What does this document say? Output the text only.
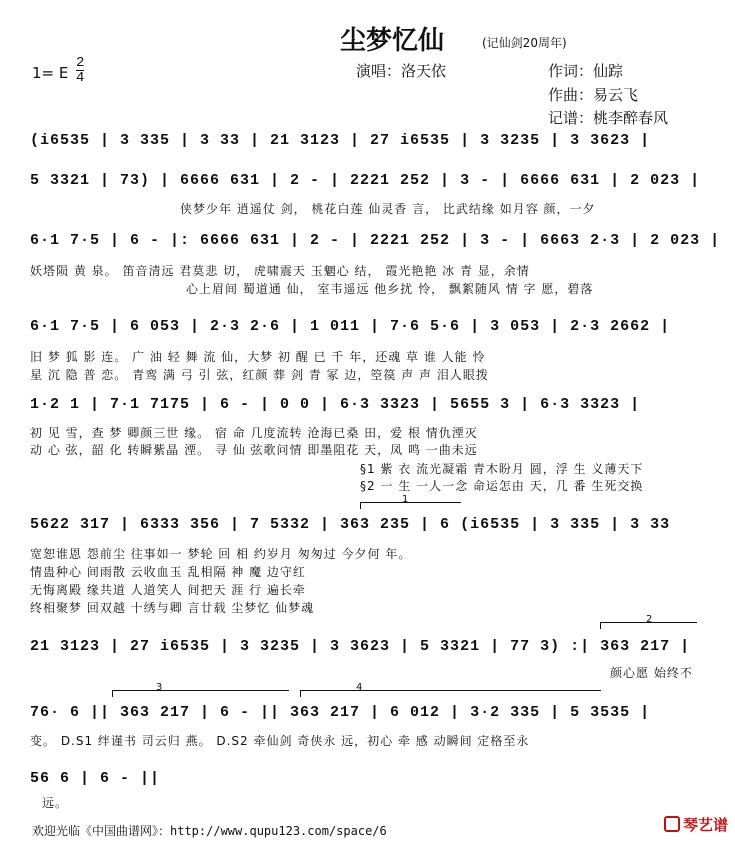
尘梦忆仙	(记仙剑20周年)
1= E
2
4	演唱：洛天依	作词：仙踪
作曲：易云飞
记谱：桃李醉春风
(i6535 | 3 335 | 3 33 | 21 3123 | 27 i6535 | 3 3235 | 3 3623 |
5 3321 | 73) | 6666 631 | 2 - | 2221 252 | 3 - | 6666 631 | 2 023 |
侠梦少年 逍遥仗 剑， 桃花白莲 仙灵香 言， 比武结缘 如月容 颜，一夕
6·1 7·5 | 6 - |: 6666 631 | 2 - | 2221 252 | 3 - | 6663 2·3 | 2 023 |
妖塔陨 黄 泉。 笛音清远 君莫悲 切， 虎啸震天 玉魍心 结， 霞光艳艳 冰 青 显，余情
心上眉间 蜀道通 仙， 室韦遥远 他乡扰 怜， 飘絮随风 情 字 愿，碧落
6·1 7·5 | 6 053 | 2·3 2·6 | 1 011 | 7·6 5·6 | 3 053 | 2·3 2662 |
旧 梦 狐 影 连。 广 油 轻 舞 流 仙，大梦 初 醒 已 千 年，还魂 草 谁 人能 怜
星 沉 隐 普 恋。 青鸾 满 弓 引 弦，红颜 葬 剑 青 冢 边，箜篌 声 声 泪人眼拨
1·2 1 | 7·1 7175 | 6 - | 0 0 | 6·3 3323 | 5655 3 | 6·3 3323 |
初 见 雪，查 梦 卿颜三世 缘。 宿 命 几度流转 沧海已桑 田，爱 根 情仇湮灭
动 心 弦，韶 化 转瞬紫晶 湮。 寻 仙 弦歌问情 即墨阻花 天，凤 鸣 一曲未远
§1 紫 衣 流光凝霜 青木盼月 圆，浮 生 义薄天下
§2 一 生 一人一念 命运怎由 天，几 番 生死交换
1
5622 317 | 6333 356 | 7 5332 | 363 235 | 6 (i6535 | 3 335 | 3 33
宽恕谁恩 怨前尘 往事如一 梦轮 回 相 约岁月 匆匆过 今夕何 年。
情蛊种心 间雨散 云收血玉 乱相隔 神 魔 边守红
无悔离殿 缘共道 人道笑人 间把天 涯 行 遍长牵
终相聚梦 回双越 十绣与卿 言廿载 尘梦忆 仙梦魂
2
21 3123 | 27 i6535 | 3 3235 | 3 3623 | 5 3321 | 77 3) :| 363 217 |
颜心愿 始终不
3	4
76· 6 || 363 217 | 6 - || 363 217 | 6 012 | 3·2 335 | 5 3535 |
变。 D.S1 绊谨书 司云归 燕。 D.S2 牵仙剑 奇侠永 远，初心 牵 感 动瞬间 定格至永
56 6 | 6 - ||
远。
欢迎光临《中国曲谱网》：http://www.qupu123.com/space/6	琴艺谱
